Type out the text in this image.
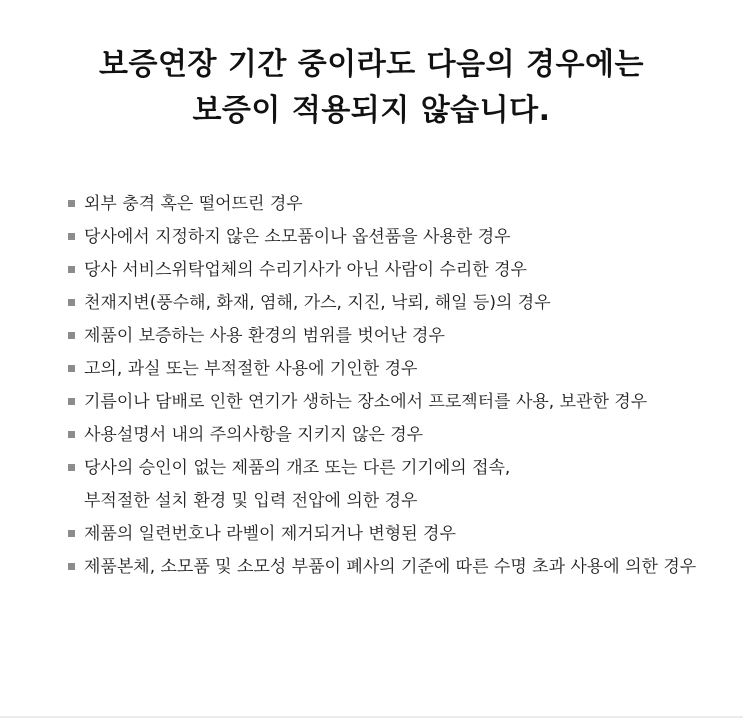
보증연장 기간 중이라도 다음의 경우에는
보증이 적용되지 않습니다.
외부 충격 혹은 떨어뜨린 경우
당사에서 지정하지 않은 소모품이나 옵션품을 사용한 경우
당사 서비스위탁업체의 수리기사가 아닌 사람이 수리한 경우
천재지변(풍수해, 화재, 염해, 가스, 지진, 낙뢰, 해일 등)의 경우
제품이 보증하는 사용 환경의 범위를 벗어난 경우
고의, 과실 또는 부적절한 사용에 기인한 경우
기름이나 담배로 인한 연기가 생하는 장소에서 프로젝터를 사용, 보관한 경우
사용설명서 내의 주의사항을 지키지 않은 경우
당사의 승인이 없는 제품의 개조 또는 다른 기기에의 접속,
부적절한 설치 환경 및 입력 전압에 의한 경우
제품의 일련번호나 라벨이 제거되거나 변형된 경우
제품본체, 소모품 및 소모성 부품이 폐사의 기준에 따른 수명 초과 사용에 의한 경우
